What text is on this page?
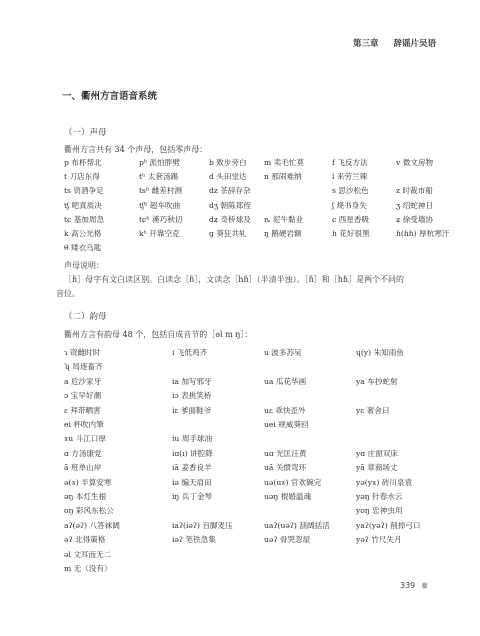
第三章 辞谣片吴语
一、衢州方言语音系统
（一）声母
衢州方言共有 34 个声母，包括零声母：
p 布杯帮北	pʰ 派怕胖劈	b 败步旁白 m 卖毛忙莫	f 飞反方法	v 微文房物
t 刀店东得	tʰ 太套汤踢	d 头田堂达 n 那闹难纳	l 来劳兰辣
ts 资酒争足	tsʰ 雌差村测	dz 茶辞存杂	s 思沙松色	z 时裁市船
tʃ 吧真质决	tʃʰ 超车吹曲	dʒ 朝陈郑侄	ʃ 烧书身失	ʒ 绍蛇神日
tɕ 基加周急	tɕʰ 溪巧秋切	dʑ 奇桥球及 ȵ 泥牛黏业	ɕ 西星香吸	ʑ 徐受墙协
k 高公光格	kʰ 开靠空克	ɡ 葵狂共轧 ŋ 鹅硬岩额	h 花好很黑	ɦ(ɦɦ) 厚杭寒汗
θ 矮衣乌匙
声母说明：
［ɦ］母字有文白读区别。白读念［ɦ］，文读念［hɦ］（半清半浊）。［ɦ］和［hɦ］是两个不同的
音位。
（二）韵母
衢州方言有韵母 48 个，包括自成音节的［əl m ŋ］：
ɿ 资雌时时	i 飞低鸡齐	u 波多苏吴	ɥ(y) 朱知雨鱼
ʮ 局逐畜齐
a 卮沙家牙	ia 加写邪牙	ua 瓜花华画	ya 车抄蛇射
ɔ 宝早好潮	iɔ 表挑笑桥
ɛ 拜带晒害	iɛ 爹面鞋爷	uɛ 乖快歪外	yɛ 奢舍曰
ei 杯吹内筆	uei 规威葵回
ɤu 斗江口厚	iu 周手球油
ɑ 方汤康党	iɑ(ɪ) 讲腔降	uɑ 光匡汪黄	yɑ 庄窗双床
ã 班单山岸	iã 姜香良羊	uã 关惯弯环	yã 章商场丈
ə(ɤ) 半算安寒	iə 编天肩田	uə(uɤ) 官欢碗完	yə(yɤ) 砖川泉袁
əŋ 本灯生根	iŋ 兵丁金琴	uəŋ 棍婚温魂	yəŋ 针春水云
oŋ 彩风东松公	yoŋ 忠神虫用
aʔ(əʔ) 八答袜阔	iaʔ(iəʔ) 百脚麦压	uaʔ(uəʔ) 刮阔括活	yaʔ(yəʔ) 削掉弓口
əʔ 北得策格	iəʔ 笔铁急集	uəʔ 骨哭忽屋	yəʔ 竹尺失月
əl 文耳而无二
m 无（没有）
339 衢
